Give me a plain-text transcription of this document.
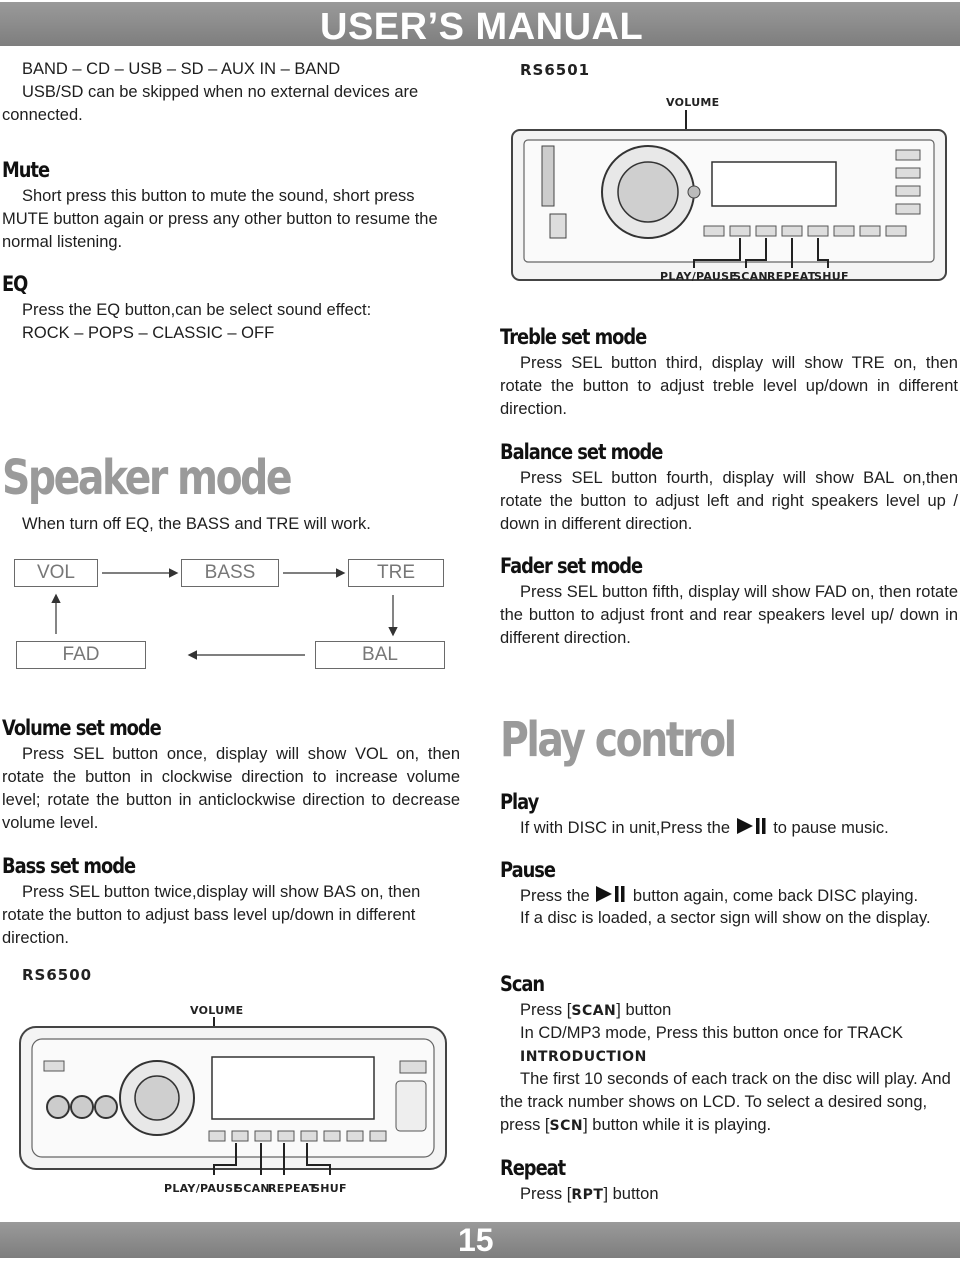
USER’S MANUAL
BAND – CD – USB – SD – AUX IN – BAND
USB/SD can be skipped when no external devices are connected.
Mute
Short press this button to mute the sound, short press MUTE button again or press any other button to resume the normal listening.
EQ
Press the EQ button,can be select sound effect:
ROCK – POPS – CLASSIC – OFF
Speaker mode
When turn off EQ, the BASS and TRE will work.
VOL	BASS	TRE
FAD	BAL
Volume set mode
Press SEL button once, display will show VOL on, then rotate the button in clockwise direction to increase volume level; rotate the button in anticlockwise direction to decrease volume level.
Bass set mode
Press SEL button twice,display will show BAS on, then rotate the button to adjust bass level up/down in different direction.
RS6500
VOLUME
PLAY/PAUSE
SCAN
REPEAT
SHUF
RS6501
VOLUME
PLAY/PAUSE
SCAN REPEAT
SHUF
Treble set mode
Press SEL button third, display will show TRE on, then rotate the button to adjust treble level up/down in different direction.
Balance set mode
Press SEL button fourth, display will show BAL on,then rotate the button to adjust left and right speakers level up / down in different direction.
Fader set mode
Press SEL button fifth, display will show FAD on, then rotate the button to adjust front and rear speakers level up/ down in different direction.
Play control
Play
If with DISC in unit,Press the	to pause music.
Pause
Press the	button again, come back DISC playing.
If a disc is loaded, a sector sign will show on the display.
Scan
Press [SCAN] button
In CD/MP3 mode, Press this button once for TRACK
INTRODUCTION
The first 10 seconds of each track on the disc will play. And the track number shows on LCD. To select a desired song, press [SCN] button while it is playing.
Repeat
Press [RPT] button
15
